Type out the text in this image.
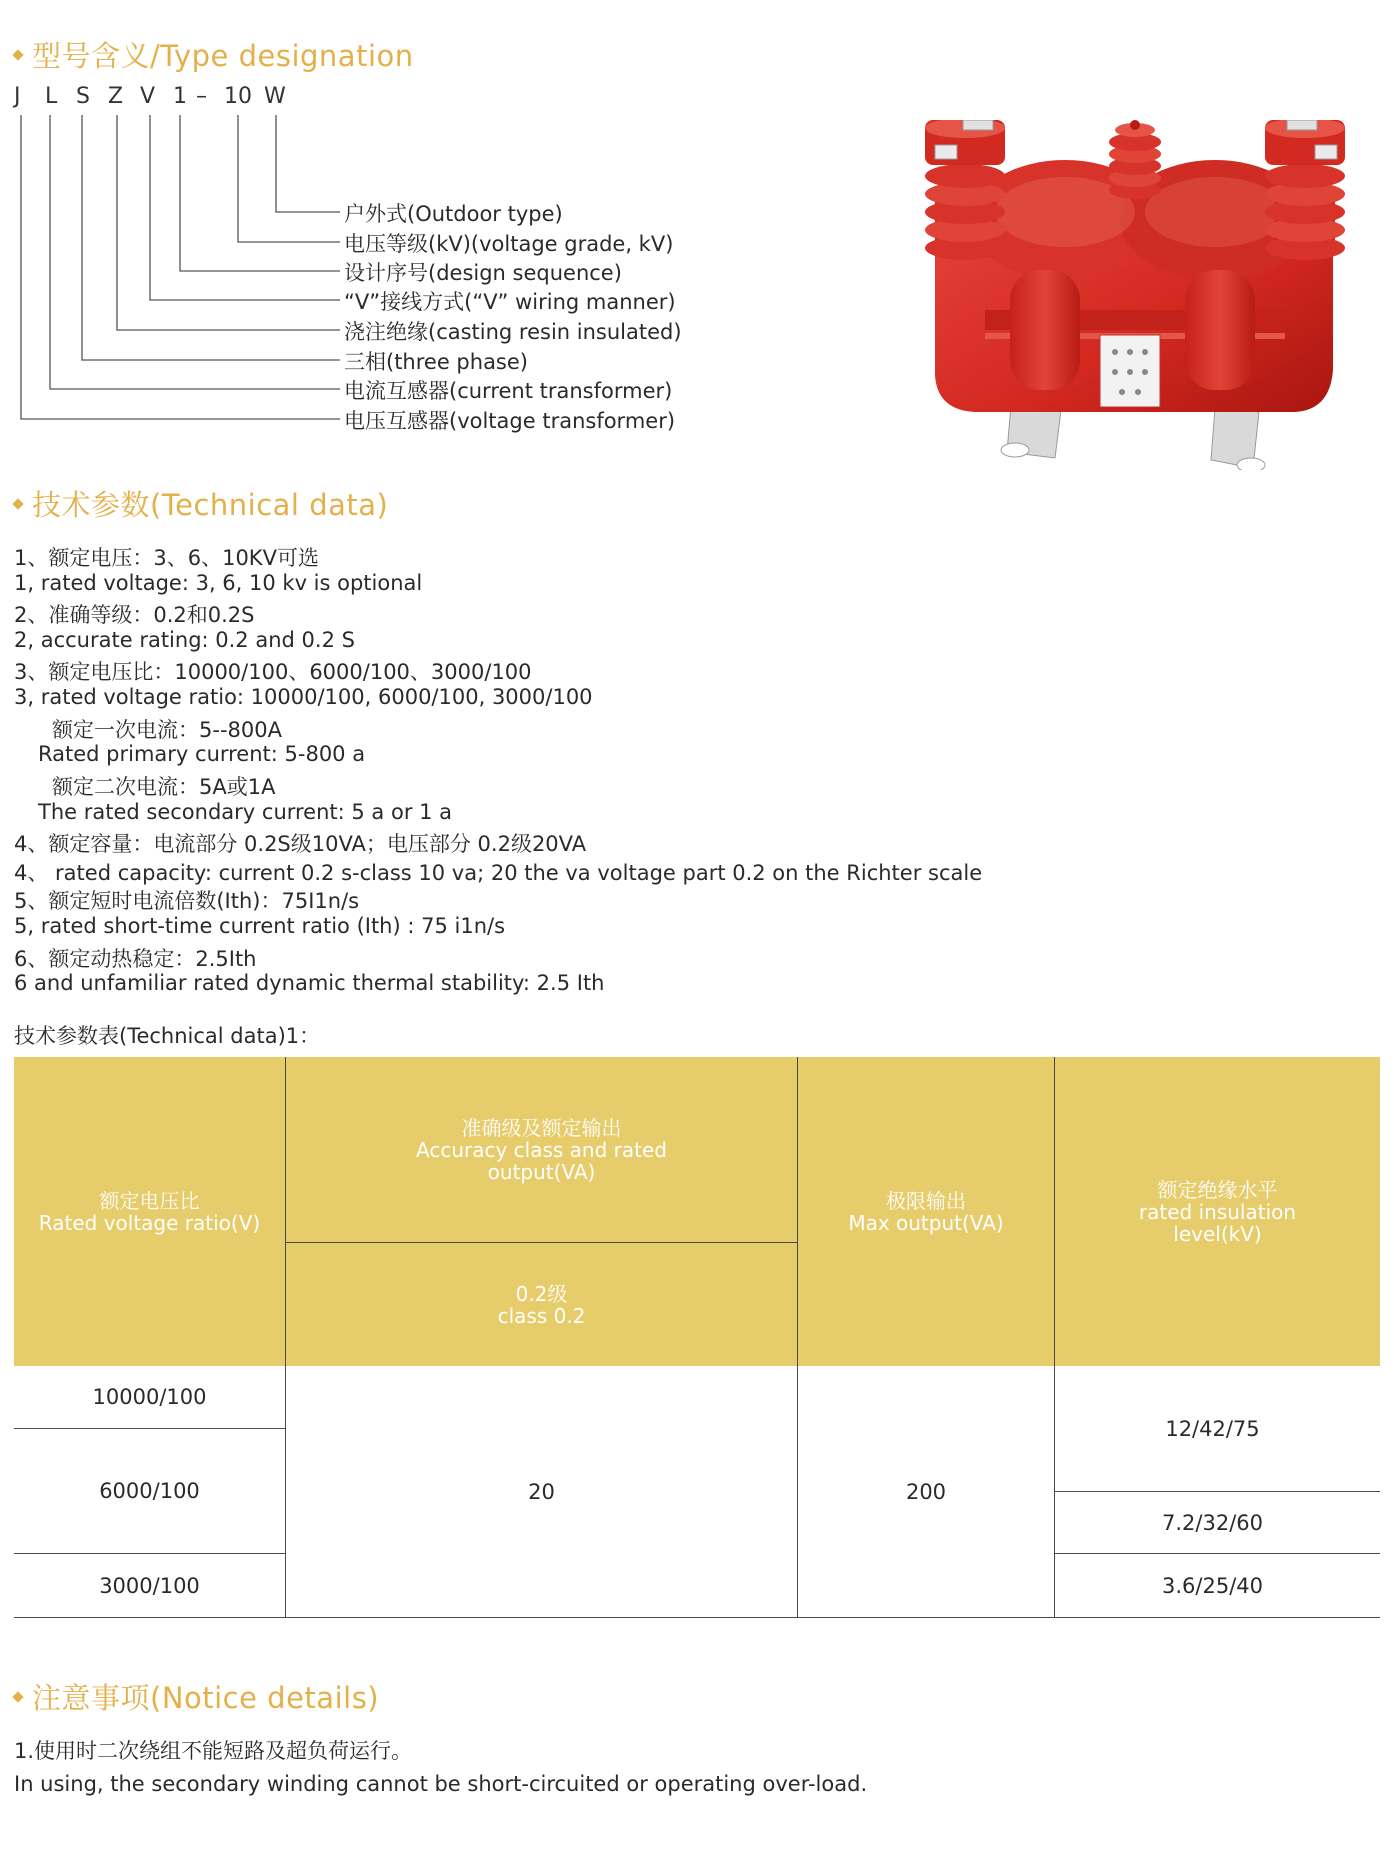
型号含义/Type designation
J L S Z V 1 – 10 W
户外式(Outdoor type)
电压等级(kV)(voltage grade, kV)
设计序号(design sequence)
“V”接线方式(“V” wiring manner)
浇注绝缘(casting resin insulated)
三相(three phase)
电流互感器(current transformer)
电压互感器(voltage transformer)
技术参数(Technical data)
1、额定电压：3、6、10KV可选
1, rated voltage: 3, 6, 10 kv is optional
2、准确等级：0.2和0.2S
2, accurate rating: 0.2 and 0.2 S
3、额定电压比：10000/100、6000/100、3000/100
3, rated voltage ratio: 10000/100, 6000/100, 3000/100
额定一次电流：5--800A
Rated primary current: 5-800 a
额定二次电流：5A或1A
The rated secondary current: 5 a or 1 a
4、额定容量：电流部分 0.2S级10VA；电压部分 0.2级20VA
4、 rated capacity: current 0.2 s-class 10 va; 20 the va voltage part 0.2 on the Richter scale
5、额定短时电流倍数(Ith)：75I1n/s
5, rated short-time current ratio (Ith) : 75 i1n/s
6、额定动热稳定：2.5Ith
6 and unfamiliar rated dynamic thermal stability: 2.5 Ith
技术参数表(Technical data)1：
额定电压比
Rated voltage ratio(V)
准确级及额定输出
Accuracy class and rated output(VA)
0.2级
class 0.2
极限输出
Max output(VA)
额定绝缘水平
rated insulation level(kV)
10000/100
6000/100
3000/100
20	200
12/42/75
7.2/32/60
3.6/25/40
注意事项(Notice details)
1.使用时二次绕组不能短路及超负荷运行。
In using, the secondary winding cannot be short-circuited or operating over-load.
